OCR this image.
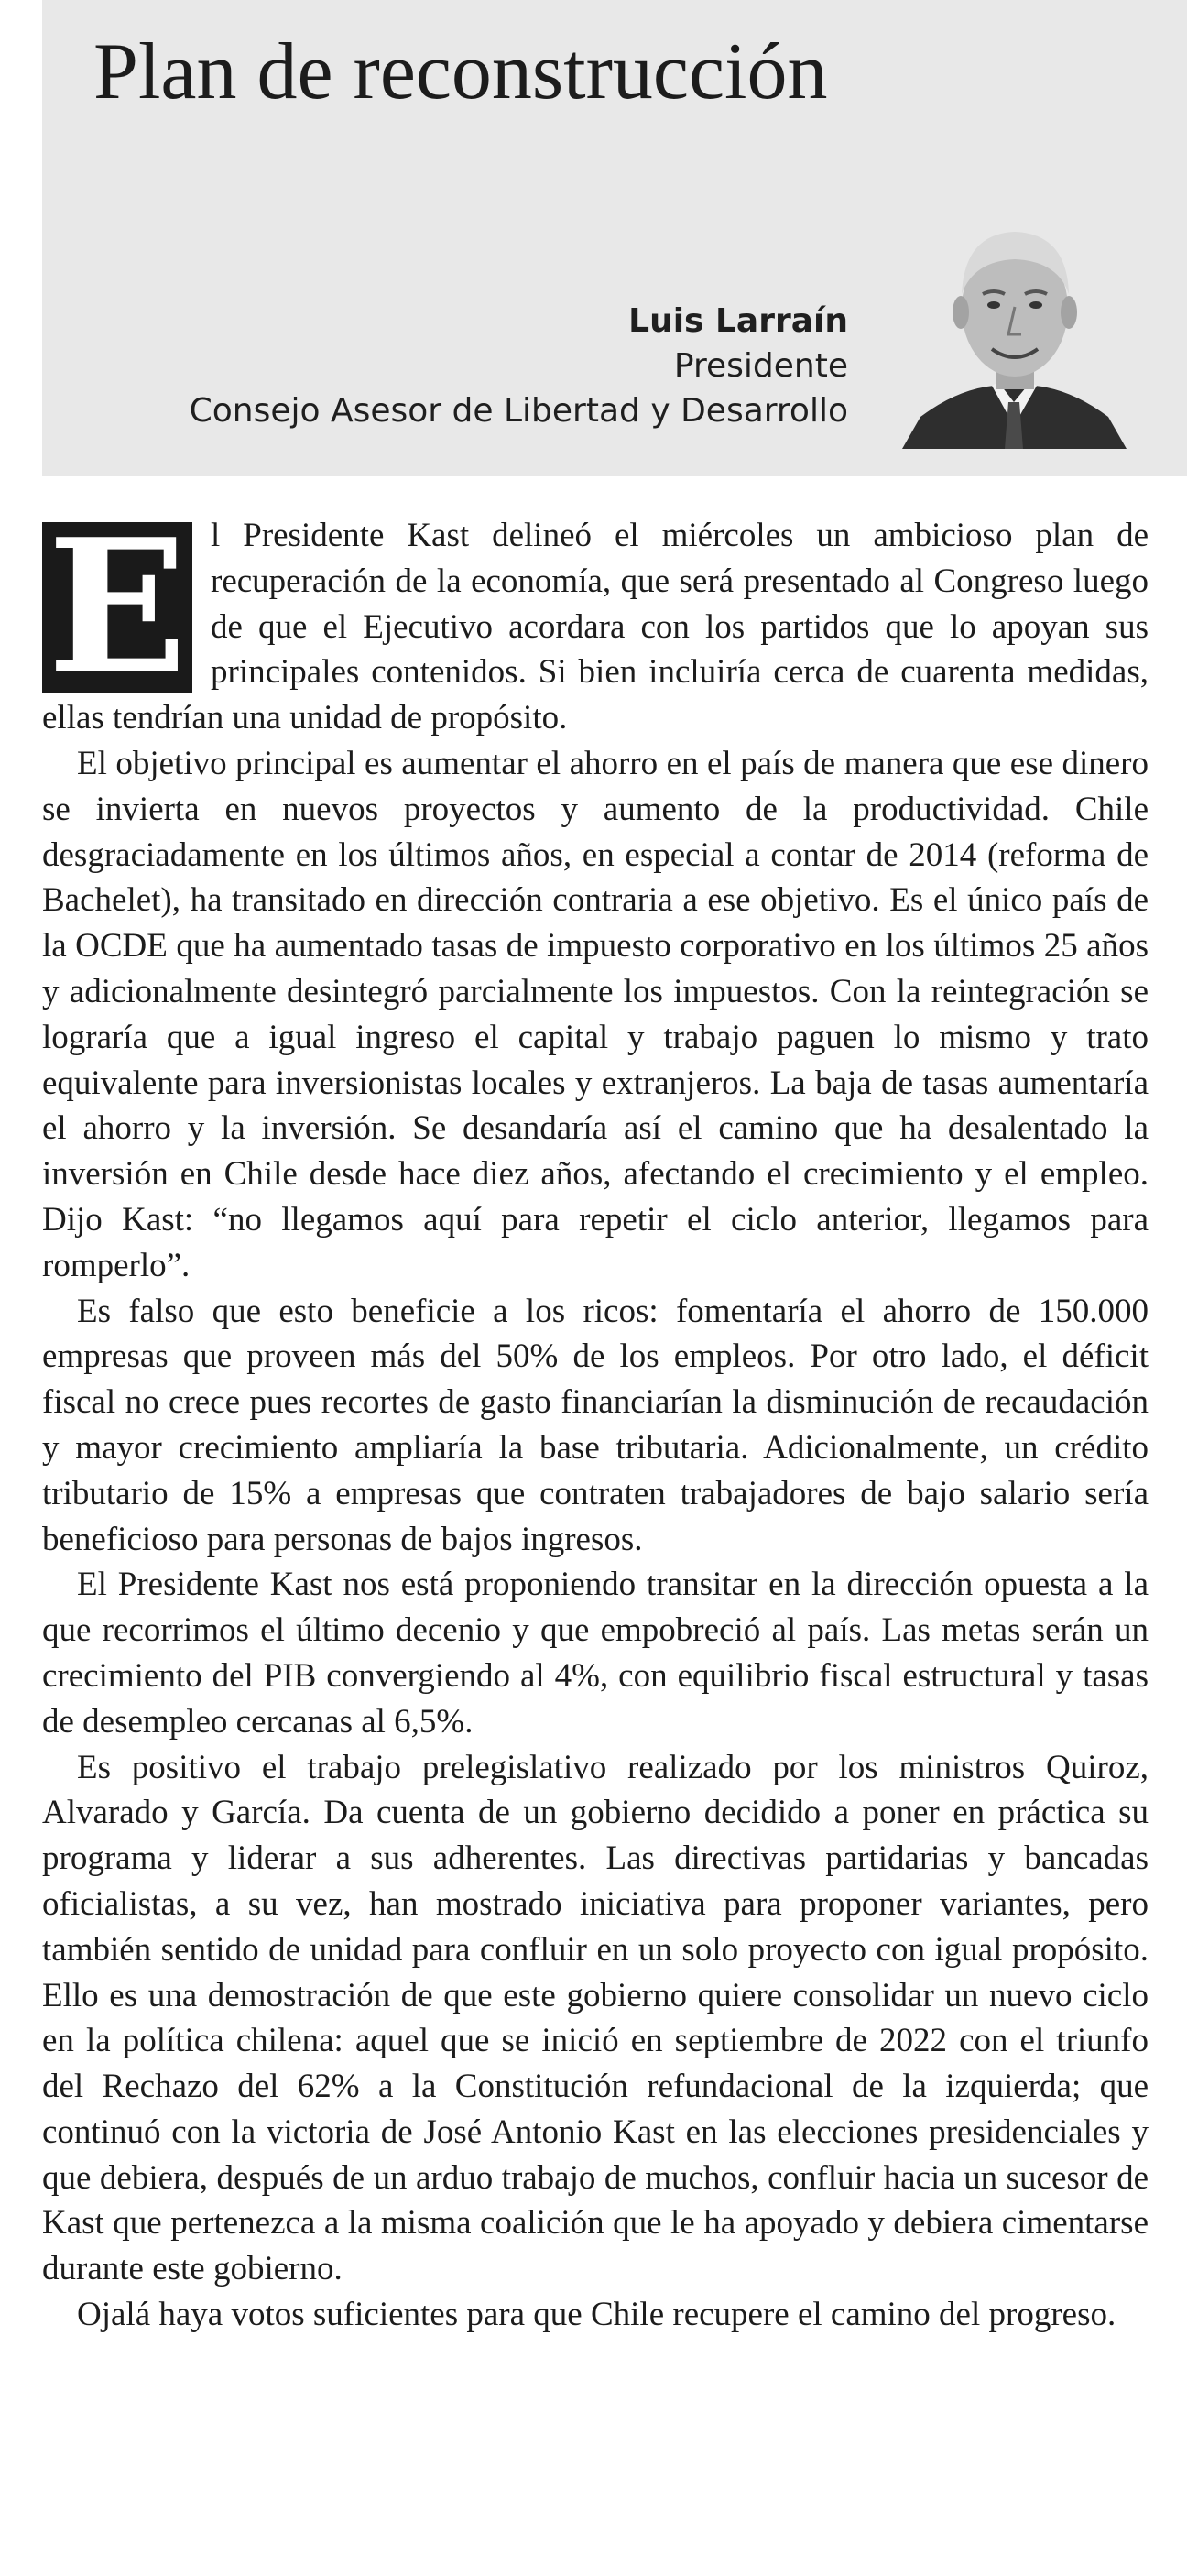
Plan de reconstrucción
Luis Larraín
Presidente
Consejo Asesor de Libertad y Desarrollo
E l Presidente Kast delineó el miércoles un ambicioso plan de recuperación de la economía, que será presentado al Congreso luego de que el Ejecutivo acordara con los partidos que lo apoyan sus principales contenidos. Si bien incluiría cerca de cuarenta medidas, ellas tendrían una unidad de propósito.

El objetivo principal es aumentar el ahorro en el país de manera que ese dinero se invierta en nuevos proyectos y aumento de la productividad. Chile desgraciadamente en los últimos años, en especial a contar de 2014 (reforma de Bachelet), ha transitado en dirección contraria a ese objetivo. Es el único país de la OCDE que ha aumentado tasas de impuesto corporativo en los últimos 25 años y adicionalmente desintegró parcialmente los impuestos. Con la reintegración se lograría que a igual ingreso el capital y trabajo paguen lo mismo y trato equivalente para inversionistas locales y extranjeros. La baja de tasas aumentaría el ahorro y la inversión. Se desandaría así el camino que ha desalentado la inversión en Chile desde hace diez años, afectando el crecimiento y el empleo. Dijo Kast: “no llegamos aquí para repetir el ciclo anterior, llegamos para romperlo”.

Es falso que esto beneficie a los ricos: fomentaría el ahorro de 150.000 empresas que proveen más del 50% de los empleos. Por otro lado, el déficit fiscal no crece pues recortes de gasto financiarían la disminución de recaudación y mayor crecimiento ampliaría la base tributaria. Adicionalmente, un crédito tributario de 15% a empresas que contraten trabajadores de bajo salario sería beneficioso para personas de bajos ingresos.

El Presidente Kast nos está proponiendo transitar en la dirección opuesta a la que recorrimos el último decenio y que empobreció al país. Las metas serán un crecimiento del PIB convergiendo al 4%, con equilibrio fiscal estructural y tasas de desempleo cercanas al 6,5%.

Es positivo el trabajo prelegislativo realizado por los ministros Quiroz, Alvarado y García. Da cuenta de un gobierno decidido a poner en práctica su programa y liderar a sus adherentes. Las directivas partidarias y bancadas oficialistas, a su vez, han mostrado iniciativa para proponer variantes, pero también sentido de unidad para confluir en un solo proyecto con igual propósito. Ello es una demostración de que este gobierno quiere consolidar un nuevo ciclo en la política chilena: aquel que se inició en septiembre de 2022 con el triunfo del Rechazo del 62% a la Constitución refundacional de la izquierda; que continuó con la victoria de José Antonio Kast en las elecciones presidenciales y que debiera, después de un arduo trabajo de muchos, confluir hacia un sucesor de Kast que pertenezca a la misma coalición que le ha apoyado y debiera cimentarse durante este gobierno.

Ojalá haya votos suficientes para que Chile recupere el camino del progreso.
